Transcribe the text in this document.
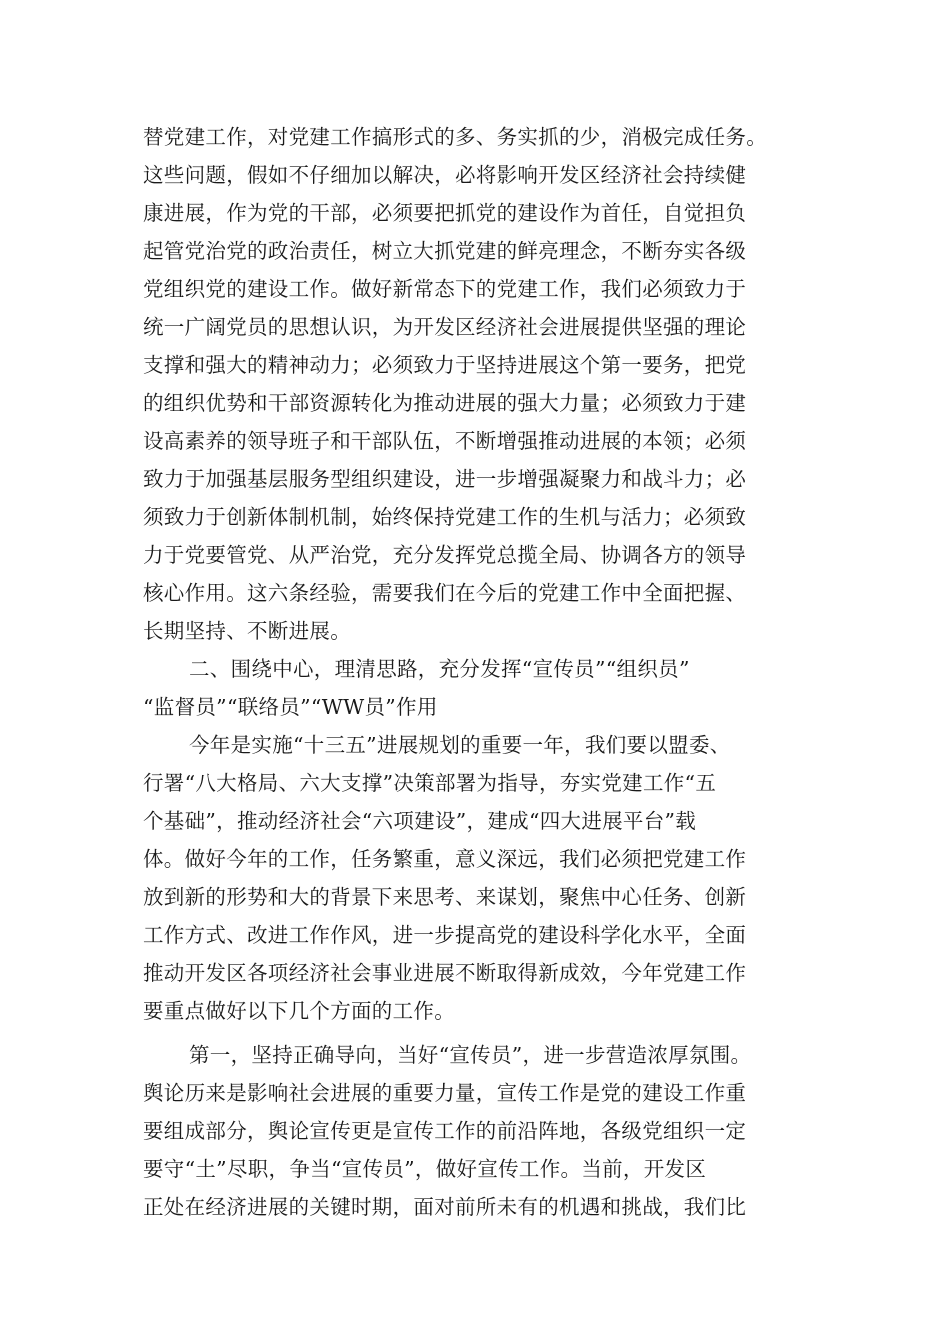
替党建工作，对党建工作搞形式的多、务实抓的少，消极完成任务。
这些问题，假如不仔细加以解决，必将影响开发区经济社会持续健
康进展，作为党的干部，必须要把抓党的建设作为首任，自觉担负
起管党治党的政治责任，树立大抓党建的鲜亮理念，不断夯实各级
党组织党的建设工作。做好新常态下的党建工作，我们必须致力于
统一广阔党员的思想认识，为开发区经济社会进展提供坚强的理论
支撑和强大的精神动力；必须致力于坚持进展这个第一要务，把党
的组织优势和干部资源转化为推动进展的强大力量；必须致力于建
设高素养的领导班子和干部队伍，不断增强推动进展的本领；必须
致力于加强基层服务型组织建设，进一步增强凝聚力和战斗力；必
须致力于创新体制机制，始终保持党建工作的生机与活力；必须致
力于党要管党、从严治党，充分发挥党总揽全局、协调各方的领导
核心作用。这六条经验，需要我们在今后的党建工作中全面把握、
长期坚持、不断进展。
二、围绕中心，理清思路，充分发挥“宣传员”“组织员”
“监督员”“联络员”“WW员”作用
今年是实施“十三五”进展规划的重要一年，我们要以盟委、
行署“八大格局、六大支撑”决策部署为指导，夯实党建工作“五
个基础”，推动经济社会“六项建设”，建成“四大进展平台”载
体。做好今年的工作，任务繁重，意义深远，我们必须把党建工作
放到新的形势和大的背景下来思考、来谋划，聚焦中心任务、创新
工作方式、改进工作作风，进一步提高党的建设科学化水平，全面
推动开发区各项经济社会事业进展不断取得新成效，今年党建工作
要重点做好以下几个方面的工作。
第一，坚持正确导向，当好“宣传员”，进一步营造浓厚氛围。
舆论历来是影响社会进展的重要力量，宣传工作是党的建设工作重
要组成部分，舆论宣传更是宣传工作的前沿阵地，各级党组织一定
要守“土”尽职，争当“宣传员”，做好宣传工作。当前，开发区
正处在经济进展的关键时期，面对前所未有的机遇和挑战，我们比
